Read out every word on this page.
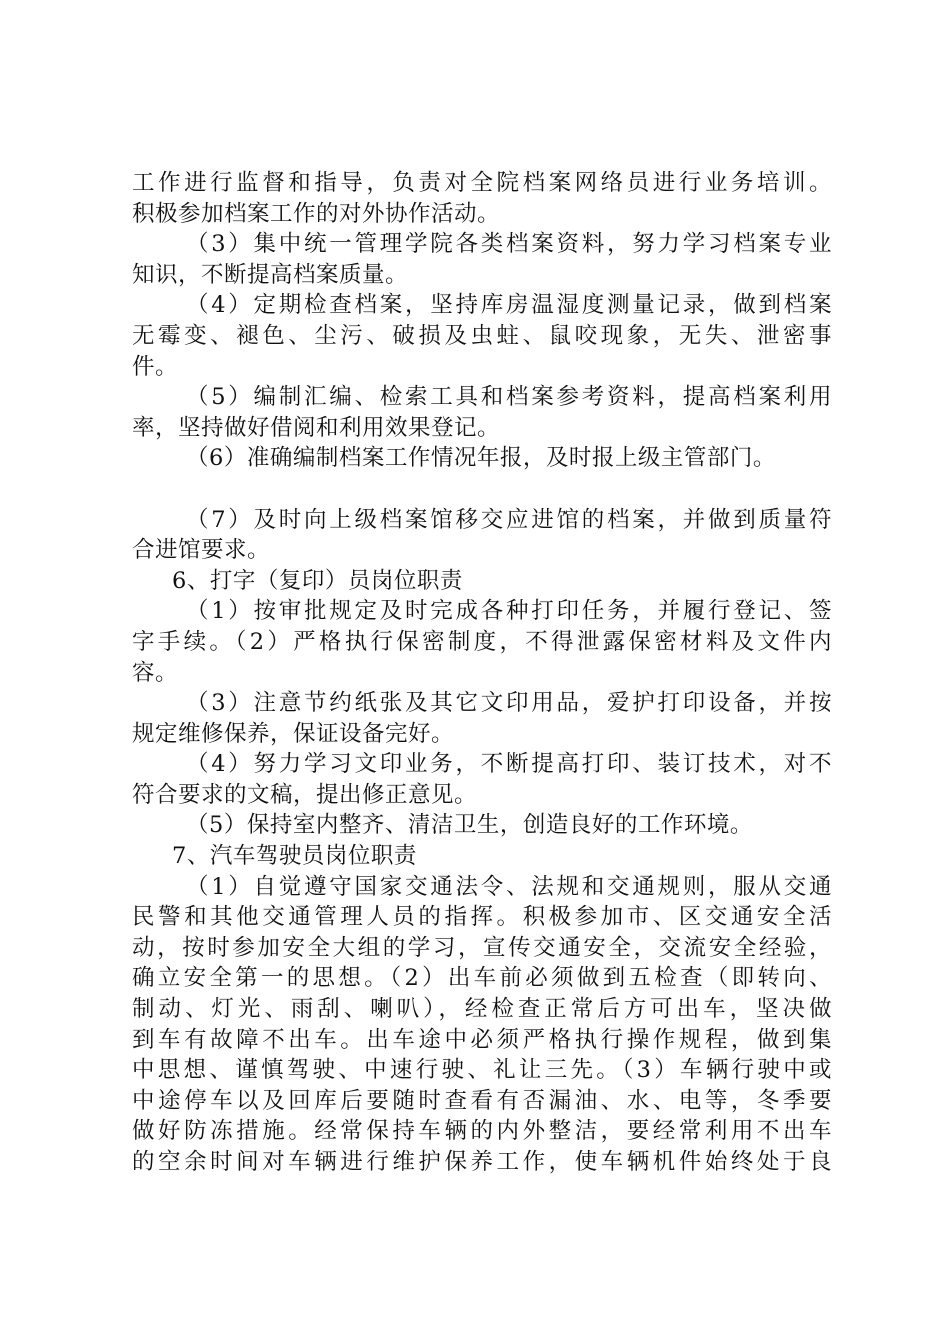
工作进行监督和指导，负责对全院档案网络员进行业务培训。
积极参加档案工作的对外协作活动。
（3）集中统一管理学院各类档案资料，努力学习档案专业
知识，不断提高档案质量。
（4）定期检查档案，坚持库房温湿度测量记录，做到档案
无霉变、褪色、尘污、破损及虫蛀、鼠咬现象，无失、泄密事
件。
（5）编制汇编、检索工具和档案参考资料，提高档案利用
率，坚持做好借阅和利用效果登记。
（6）准确编制档案工作情况年报，及时报上级主管部门。
（7）及时向上级档案馆移交应进馆的档案，并做到质量符
合进馆要求。
6、打字（复印）员岗位职责
（1）按审批规定及时完成各种打印任务，并履行登记、签
字手续。（2）严格执行保密制度，不得泄露保密材料及文件内
容。
（3）注意节约纸张及其它文印用品，爱护打印设备，并按
规定维修保养，保证设备完好。
（4）努力学习文印业务，不断提高打印、装订技术，对不
符合要求的文稿，提出修正意见。
（5）保持室内整齐、清洁卫生，创造良好的工作环境。
7、汽车驾驶员岗位职责
（1）自觉遵守国家交通法令、法规和交通规则，服从交通
民警和其他交通管理人员的指挥。积极参加市、区交通安全活
动，按时参加安全大组的学习，宣传交通安全，交流安全经验，
确立安全第一的思想。（2）出车前必须做到五检查（即转向、
制动、灯光、雨刮、喇叭），经检查正常后方可出车，坚决做
到车有故障不出车。出车途中必须严格执行操作规程，做到集
中思想、谨慎驾驶、中速行驶、礼让三先。（3）车辆行驶中或
中途停车以及回库后要随时查看有否漏油、水、电等，冬季要
做好防冻措施。经常保持车辆的内外整洁，要经常利用不出车
的空余时间对车辆进行维护保养工作，使车辆机件始终处于良
